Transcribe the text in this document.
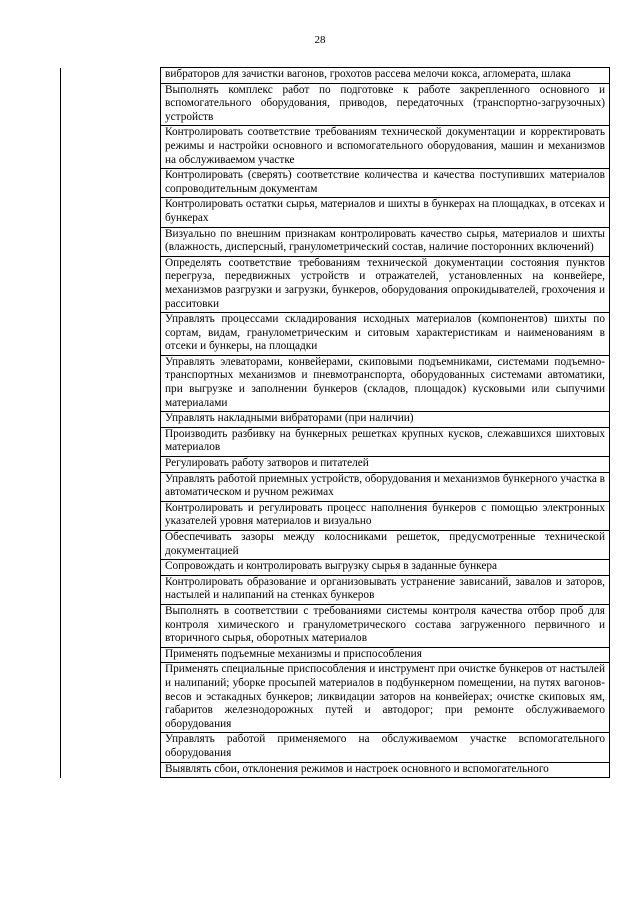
28

вибраторов для зачистки вагонов, грохотов рассева мелочи кокса, агломерата, шлака

Выполнять комплекс работ по подготовке к работе закрепленного основного и вспомогательного оборудования, приводов, передаточных (транспортно-загрузочных) устройств

Контролировать соответствие требованиям технической документации и корректировать режимы и настройки основного и вспомогательного оборудования, машин и механизмов на обслуживаемом участке

Контролировать (сверять) соответствие количества и качества поступивших материалов сопроводительным документам

Контролировать остатки сырья, материалов и шихты в бункерах на площадках, в отсеках и бункерах

Визуально по внешним признакам контролировать качество сырья, материалов и шихты (влажность, дисперсный, гранулометрический состав, наличие посторонних включений)

Определять соответствие требованиям технической документации состояния пунктов перегруза, передвижных устройств и отражателей, установленных на конвейере, механизмов разгрузки и загрузки, бункеров, оборудования опрокидывателей, грохочения и расситовки

Управлять процессами складирования исходных материалов (компонентов) шихты по сортам, видам, гранулометрическим и ситовым характеристикам и наименованиям в отсеки и бункеры, на площадки

Управлять элеваторами, конвейерами, скиповыми подъемниками, системами подъемно-транспортных механизмов и пневмотранспорта, оборудованных системами автоматики, при выгрузке и заполнении бункеров (складов, площадок) кусковыми или сыпучими материалами

Управлять накладными вибраторами (при наличии)

Производить разбивку на бункерных решетках крупных кусков, слежавшихся шихтовых материалов

Регулировать работу затворов и питателей

Управлять работой приемных устройств, оборудования и механизмов бункерного участка в автоматическом и ручном режимах

Контролировать и регулировать процесс наполнения бункеров с помощью электронных указателей уровня материалов и визуально

Обеспечивать зазоры между колосниками решеток, предусмотренные технической документацией

Сопровождать и контролировать выгрузку сырья в заданные бункера

Контролировать образование и организовывать устранение зависаний, завалов и заторов, настылей и налипаний на стенках бункеров

Выполнять в соответствии с требованиями системы контроля качества отбор проб для контроля химического и гранулометрического состава загруженного первичного и вторичного сырья, оборотных материалов

Применять подъемные механизмы и приспособления

Применять специальные приспособления и инструмент при очистке бункеров от настылей и налипаний; уборке просыпей материалов в подбункерном помещении, на путях вагонов-весов и эстакадных бункеров; ликвидации заторов на конвейерах; очистке скиповых ям, габаритов железнодорожных путей и автодорог; при ремонте обслуживаемого оборудования

Управлять работой применяемого на обслуживаемом участке вспомогательного оборудования

Выявлять сбои, отклонения режимов и настроек основного и вспомогательного
